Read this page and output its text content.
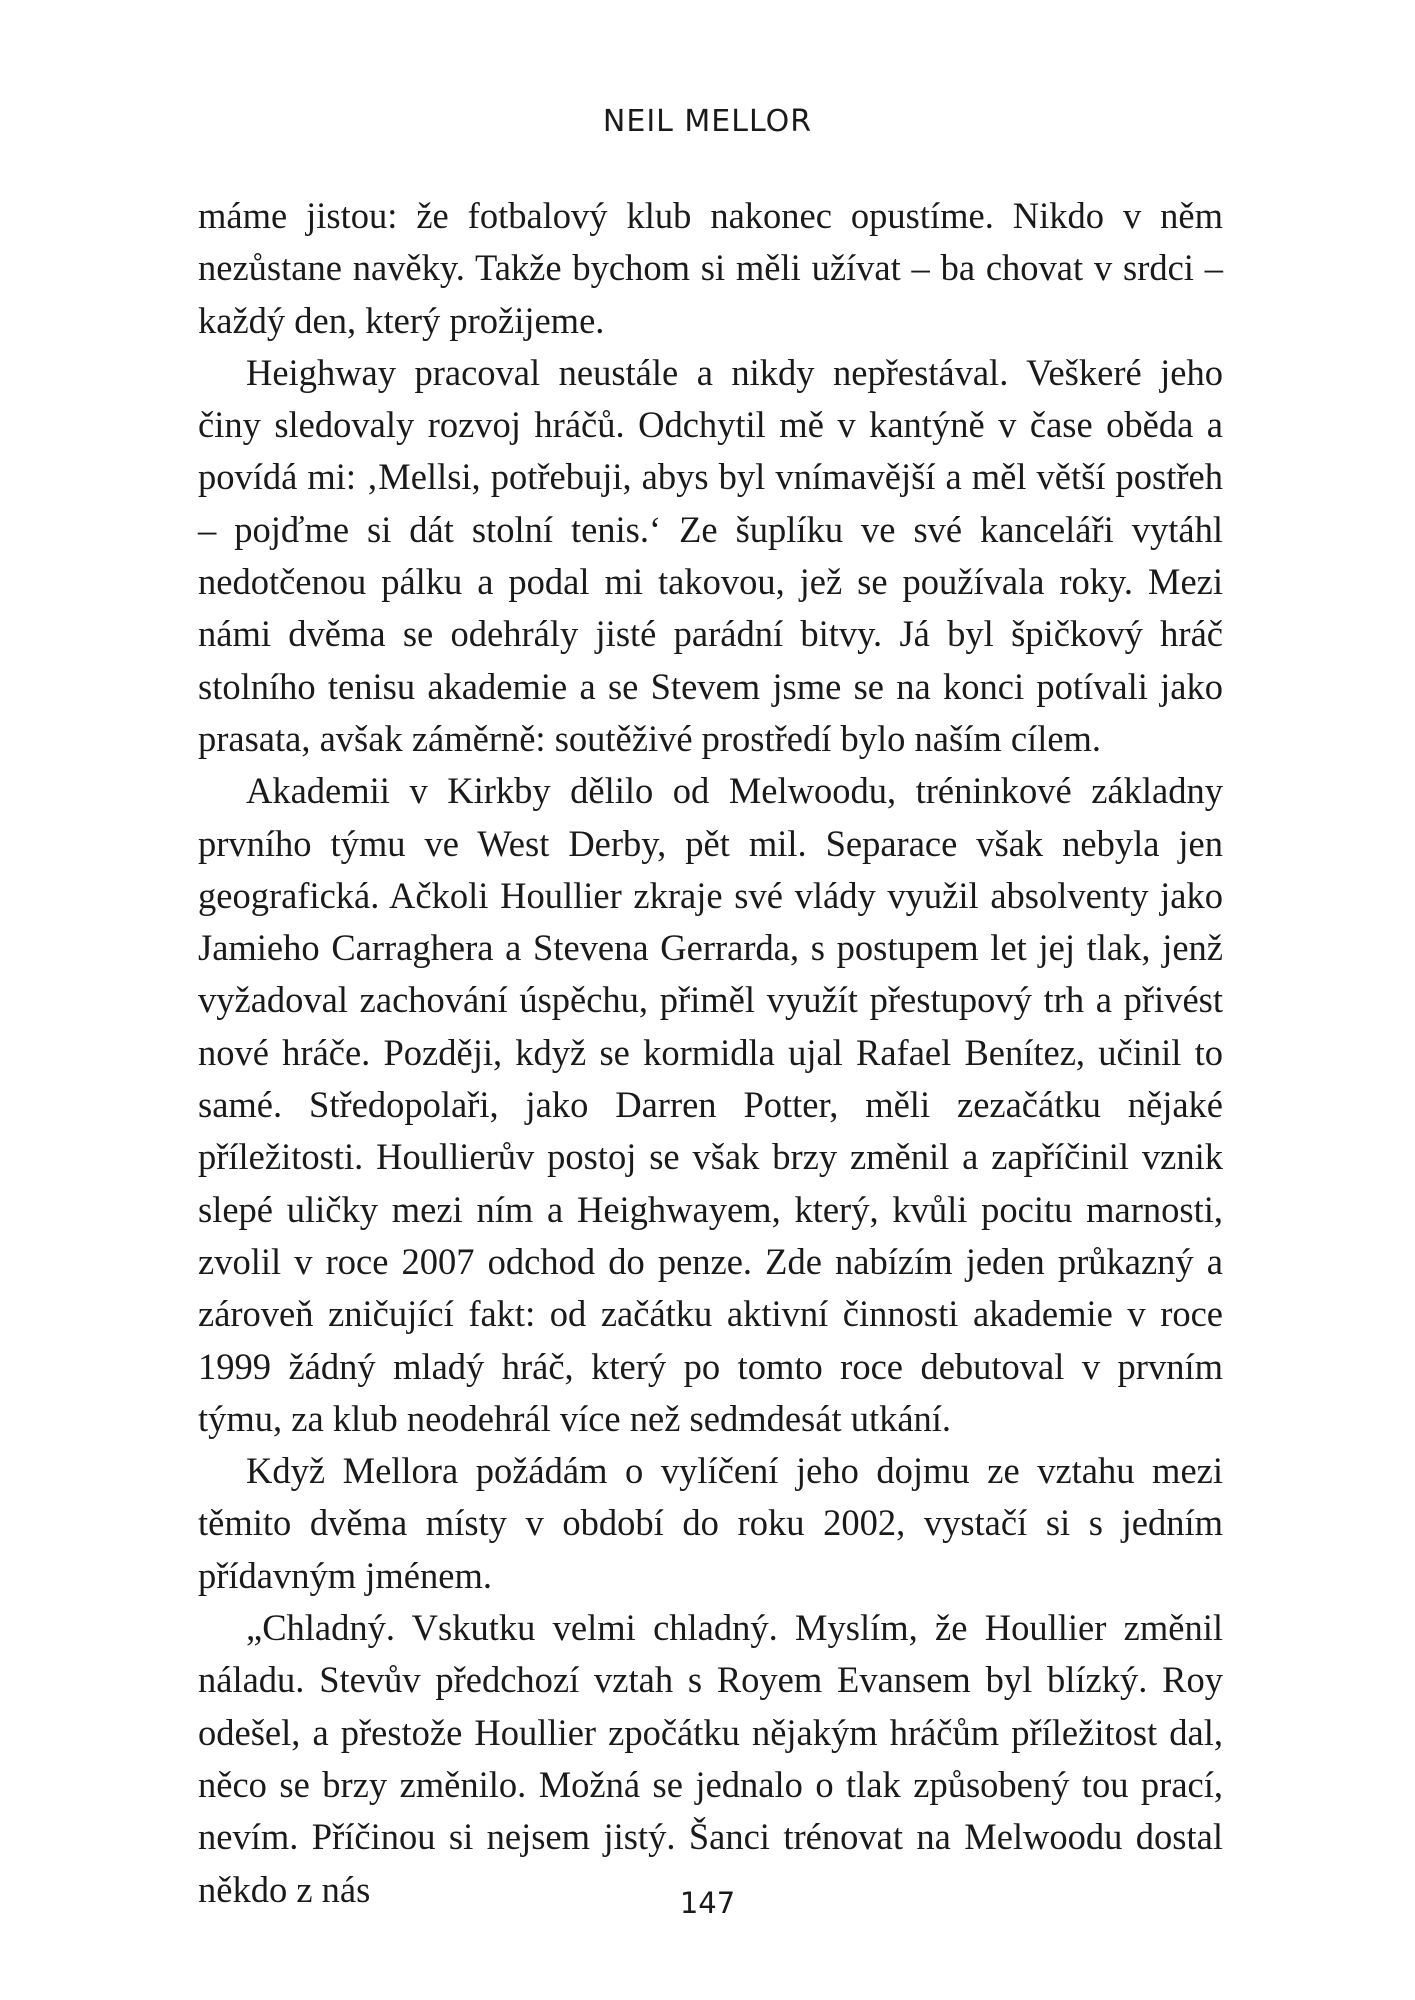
NEIL MELLOR

máme jistou: že fotbalový klub nakonec opustíme. Nikdo v něm nezůstane navěky. Takže bychom si měli užívat – ba chovat v srdci – každý den, který prožijeme.

Heighway pracoval neustále a nikdy nepřestával. Veškeré jeho činy sledovaly rozvoj hráčů. Odchytil mě v kantýně v čase oběda a povídá mi: ‚Mellsi, potřebuji, abys byl vnímavější a měl větší postřeh – pojďme si dát stolní tenis.‘ Ze šuplíku ve své kanceláři vytáhl nedotčenou pálku a podal mi takovou, jež se používala roky. Mezi námi dvěma se odehrály jisté parádní bitvy. Já byl špičkový hráč stolního tenisu akademie a se Stevem jsme se na konci potívali jako prasata, avšak záměrně: soutěživé prostředí bylo naším cílem.

Akademii v Kirkby dělilo od Melwoodu, tréninkové základny prvního týmu ve West Derby, pět mil. Separace však nebyla jen geografická. Ačkoli Houllier zkraje své vlády využil absolventy jako Jamieho Carraghera a Stevena Gerrarda, s postupem let jej tlak, jenž vyžadoval zachování úspěchu, přiměl využít přestupový trh a přivést nové hráče. Později, když se kormidla ujal Rafael Benítez, učinil to samé. Středopolaři, jako Darren Potter, měli zezačátku nějaké příležitosti. Houllierův postoj se však brzy změnil a zapříčinil vznik slepé uličky mezi ním a Heighwayem, který, kvůli pocitu marnosti, zvolil v roce 2007 odchod do penze. Zde nabízím jeden průkazný a zároveň zničující fakt: od začátku aktivní činnosti akademie v roce 1999 žádný mladý hráč, který po tomto roce debutoval v prvním týmu, za klub neodehrál více než sedmdesát utkání.

Když Mellora požádám o vylíčení jeho dojmu ze vztahu mezi těmito dvěma místy v období do roku 2002, vystačí si s jedním přídavným jménem.

„Chladný. Vskutku velmi chladný. Myslím, že Houllier změnil náladu. Stevův předchozí vztah s Royem Evansem byl blízký. Roy odešel, a přestože Houllier zpočátku nějakým hráčům příležitost dal, něco se brzy změnilo. Možná se jednalo o tlak způsobený tou prací, nevím. Příčinou si nejsem jistý. Šanci trénovat na Melwoodu dostal někdo z nás	147
